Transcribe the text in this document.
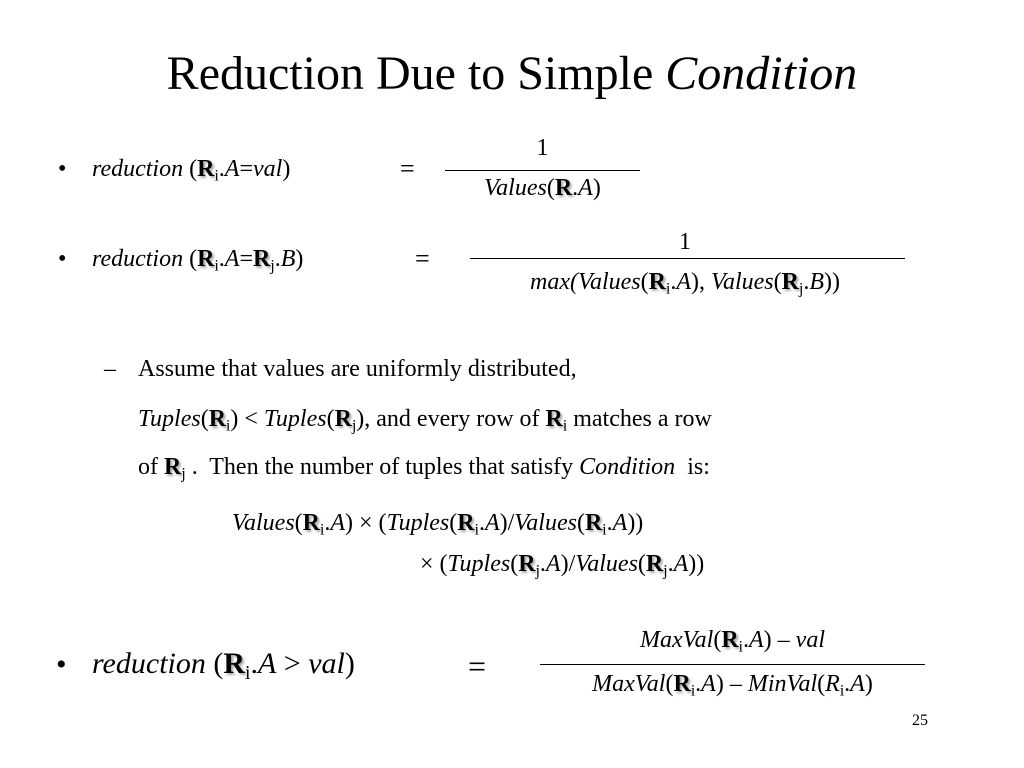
Reduction Due to Simple Condition
• reduction $(R_i.A=val)$	=
1
Values(R.A)
• reduction $(R_i.A=R_j.B)$	=
1
$\max(Values(R_i.A)$, $Values(R_j.B)$)
– Assume that values are uniformly distributed,
$Tuples(R_i)$ < $Tuples(R_j)$, and every row of $R_i$ matches a row
of $R_j$ .  Then the number of tuples that satisfy Condition  is:
$Values(R_i.A)$ × $(Tuples(R_i.A)/Values(R_i.A))$
× $(Tuples(R_j.A)/Values(R_j.A))$
• reduction $(R_i.A > val)$	=
$MaxVal(R_i.A)$ – val
$MaxVal(R_i.A)$ – $MinVal(R_i.A)$
25
